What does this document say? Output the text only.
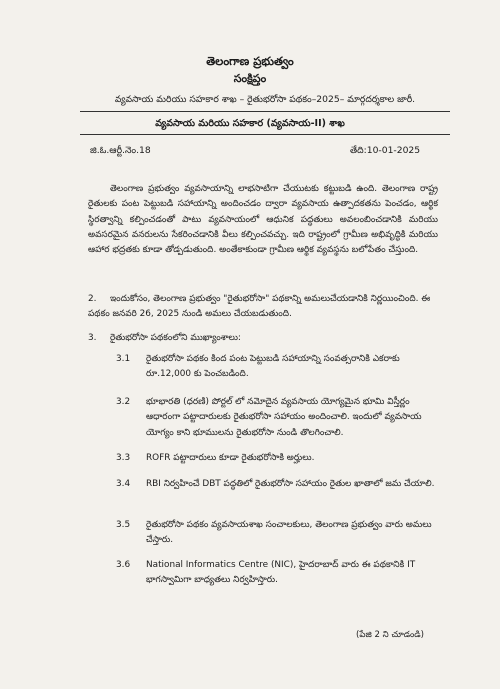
తెలంగాణ ప్రభుత్వం
సంక్షిప్తం
వ్యవసాయ మరియు సహకార శాఖ – రైతుభరోసా పథకం–2025– మార్గదర్శకాల జారీ.
వ్యవసాయ మరియు సహకార (వ్యవసాయ-II) శాఖ
జి.ఓ.ఆర్టీ.నెం.18	తేది:10-01-2025
తెలంగాణ ప్రభుత్వం వ్యవసాయాన్ని లాభసాటిగా చేయుటకు కట్టుబడి ఉంది. తెలంగాణ రాష్ట్ర రైతులకు పంట పెట్టుబడి సహాయాన్ని అందించడం ద్వారా వ్యవసాయ ఉత్పాదకతను పెంచడం, ఆర్థిక స్థిరత్వాన్ని కల్పించడంతో పాటు వ్యవసాయంలో ఆధునిక పద్ధతులు అవలంబించడానికి మరియు అవసరమైన వనరులను సేకరించడానికి వీలు కల్పించవచ్చు. ఇది రాష్ట్రంలో గ్రామీణ అభివృద్ధికి మరియు ఆహార భద్రతకు కూడా తోడ్పడుతుంది. అంతేకాకుండా గ్రామీణ ఆర్థిక వ్యవస్థను బలోపేతం చేస్తుంది.
2. ఇందుకోసం, తెలంగాణ ప్రభుత్వం "రైతుభరోసా" పథకాన్ని అమలుచేయడానికి నిర్ణయించింది. ఈ పథకం జనవరి 26, 2025 నుండి అమలు చేయబడుతుంది.
3. రైతుభరోసా పథకంలోని ముఖ్యాంశాలు:
3.1	రైతుభరోసా పథకం కింద పంట పెట్టుబడి సహాయాన్ని సంవత్సరానికి ఎకరాకు రూ.12,000 కు పెంచబడింది.
3.2	భూభారతి (ధరణి) పోర్టల్ లో నమోదైన వ్యవసాయ యోగ్యమైన భూమి విస్తీర్ణం ఆధారంగా పట్టాదారులకు రైతుభరోసా సహాయం అందించాలి. ఇందులో వ్యవసాయ యోగ్యం కాని భూములను రైతుభరోసా నుండి తొలగించాలి.
3.3	ROFR పట్టాదారులు కూడా రైతుభరోసాకి అర్హులు.
3.4	RBI నిర్వహించే DBT పద్ధతిలో రైతుభరోసా సహాయం రైతుల ఖాతాలో జమ చేయాలి.
3.5	రైతుభరోసా పథకం వ్యవసాయశాఖ సంచాలకులు, తెలంగాణ ప్రభుత్వం వారు అమలు చేస్తారు.
3.6	National Informatics Centre (NIC), హైదరాబాద్ వారు ఈ పథకానికి IT భాగస్వామిగా బాధ్యతలు నిర్వహిస్తారు.
(పేజి 2 ని చూడండి)
